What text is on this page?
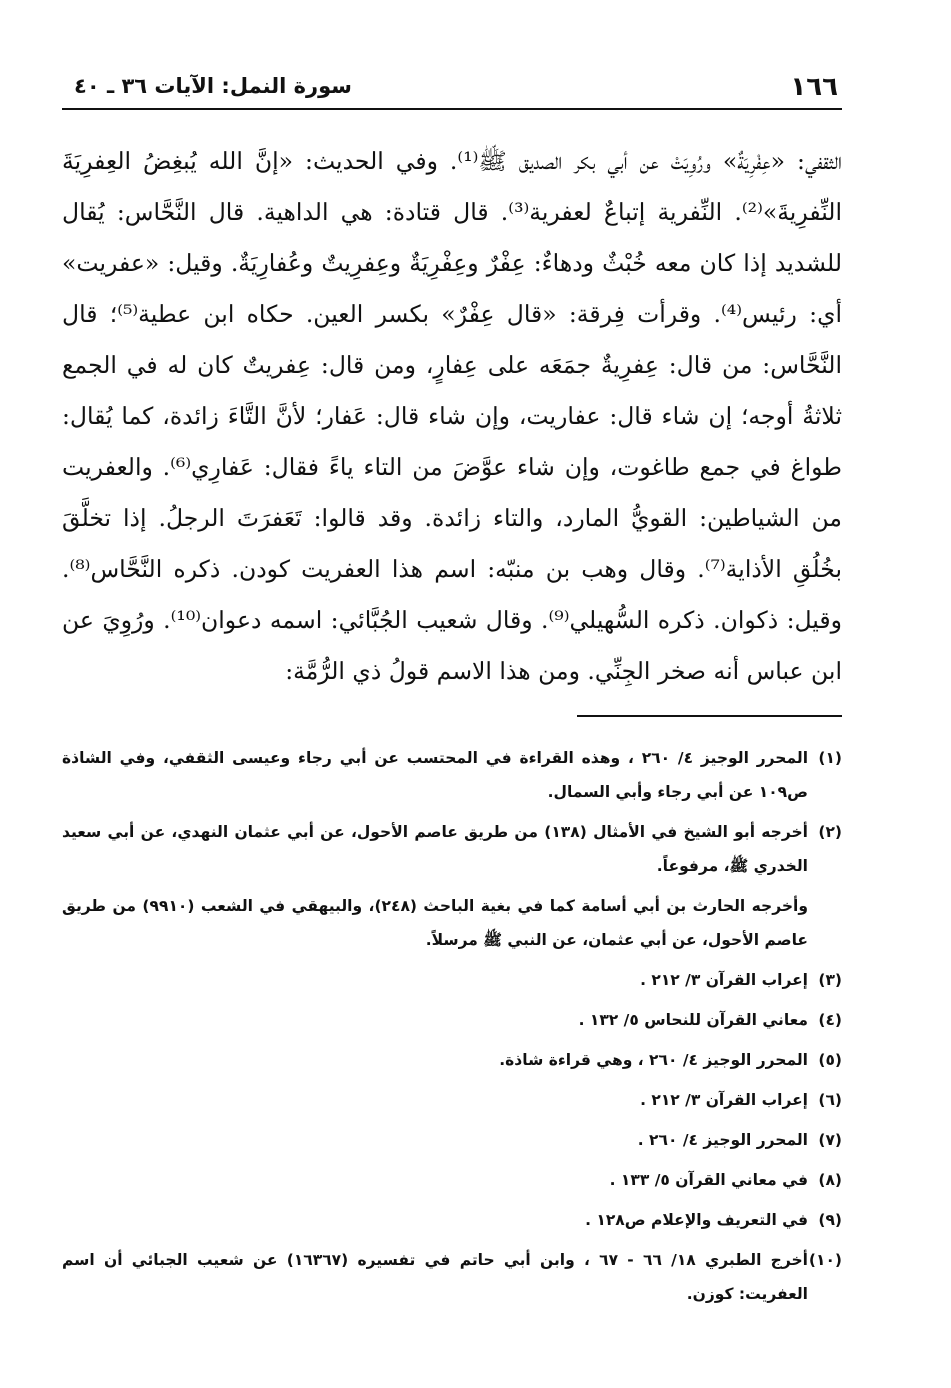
١٦٦
سورة النمل: الآيات ٣٦ ـ ٤٠

الثقفي: «عِفْرِيَةٌ» ورُوِيَتْ عن أبي بكر الصديق ﷺ⁽¹⁾. وفي الحديث: «إنَّ الله يُبغِضُ العِفرِيَةَ النِّفرِيةَ»⁽²⁾. النِّفرية إتباعٌ لعفرية⁽³⁾. قال قتادة: هي الداهية. قال النَّحَّاس: يُقال للشديد إذا كان معه خُبْثٌ ودهاءٌ: عِفْرٌ وعِفْرِيَةٌ وعِفرِيتٌ وعُفارِيَةٌ. وقيل: «عفريت» أي: رئيس⁽⁴⁾. وقرأت فِرقة: «قال عِفْرٌ» بكسر العين. حكاه ابن عطية⁽⁵⁾؛ قال النَّحَّاس: من قال: عِفرِيةٌ جمَعَه على عِفارٍ، ومن قال: عِفريتٌ كان له في الجمع ثلاثةُ أوجه؛ إن شاء قال: عفاريت، وإن شاء قال: عَفار؛ لأنَّ التَّاءَ زائدة، كما يُقال: طواغ في جمع طاغوت، وإن شاء عوَّضَ من التاء ياءً فقال: عَفارِي⁽⁶⁾. والعفريت من الشياطين: القويُّ المارد، والتاء زائدة. وقد قالوا: تَعَفرَتَ الرجلُ. إذا تخلَّقَ بخُلُقِ الأذاية⁽⁷⁾. وقال وهب بن منبّه: اسم هذا العفريت كودن. ذكره النَّحَّاس⁽⁸⁾. وقيل: ذكوان. ذكره السُّهيلي⁽⁹⁾. وقال شعيب الجُبَّائي: اسمه دعوان⁽¹⁰⁾. ورُوِيَ عن ابن عباس أنه صخر الجِنِّي. ومن هذا الاسم قولُ ذي الرُّمَّة:

(١)
المحرر الوجيز ٤/ ٢٦٠ ، وهذه القراءة في المحتسب عن أبي رجاء وعيسى الثقفي، وفي الشاذة ص١٠٩ عن أبي رجاء وأبي السمال.
(٢)
أخرجه أبو الشيخ في الأمثال (١٣٨) من طريق عاصم الأحول، عن أبي عثمان النهدي، عن أبي سعيد الخدري ﷺ، مرفوعاً.
وأخرجه الحارث بن أبي أسامة كما في بغية الباحث (٢٤٨)، والبيهقي في الشعب (٩٩١٠) من طريق عاصم الأحول، عن أبي عثمان، عن النبي ﷺ مرسلاً.
(٣)
إعراب القرآن ٣/ ٢١٢ .
(٤)
معاني القرآن للنحاس ٥/ ١٣٢ .
(٥)
المحرر الوجيز ٤/ ٢٦٠ ، وهي قراءة شاذة.
(٦)
إعراب القرآن ٣/ ٢١٢ .
(٧)
المحرر الوجيز ٤/ ٢٦٠ .
(٨)
في معاني القرآن ٥/ ١٣٣ .
(٩)
في التعريف والإعلام ص١٢٨ .
(١٠)
أخرج الطبري ١٨/ ٦٦ - ٦٧ ، وابن أبي حاتم في تفسيره (١٦٣٦٧) عن شعيب الجبائي أن اسم العفريت: كوزن.
